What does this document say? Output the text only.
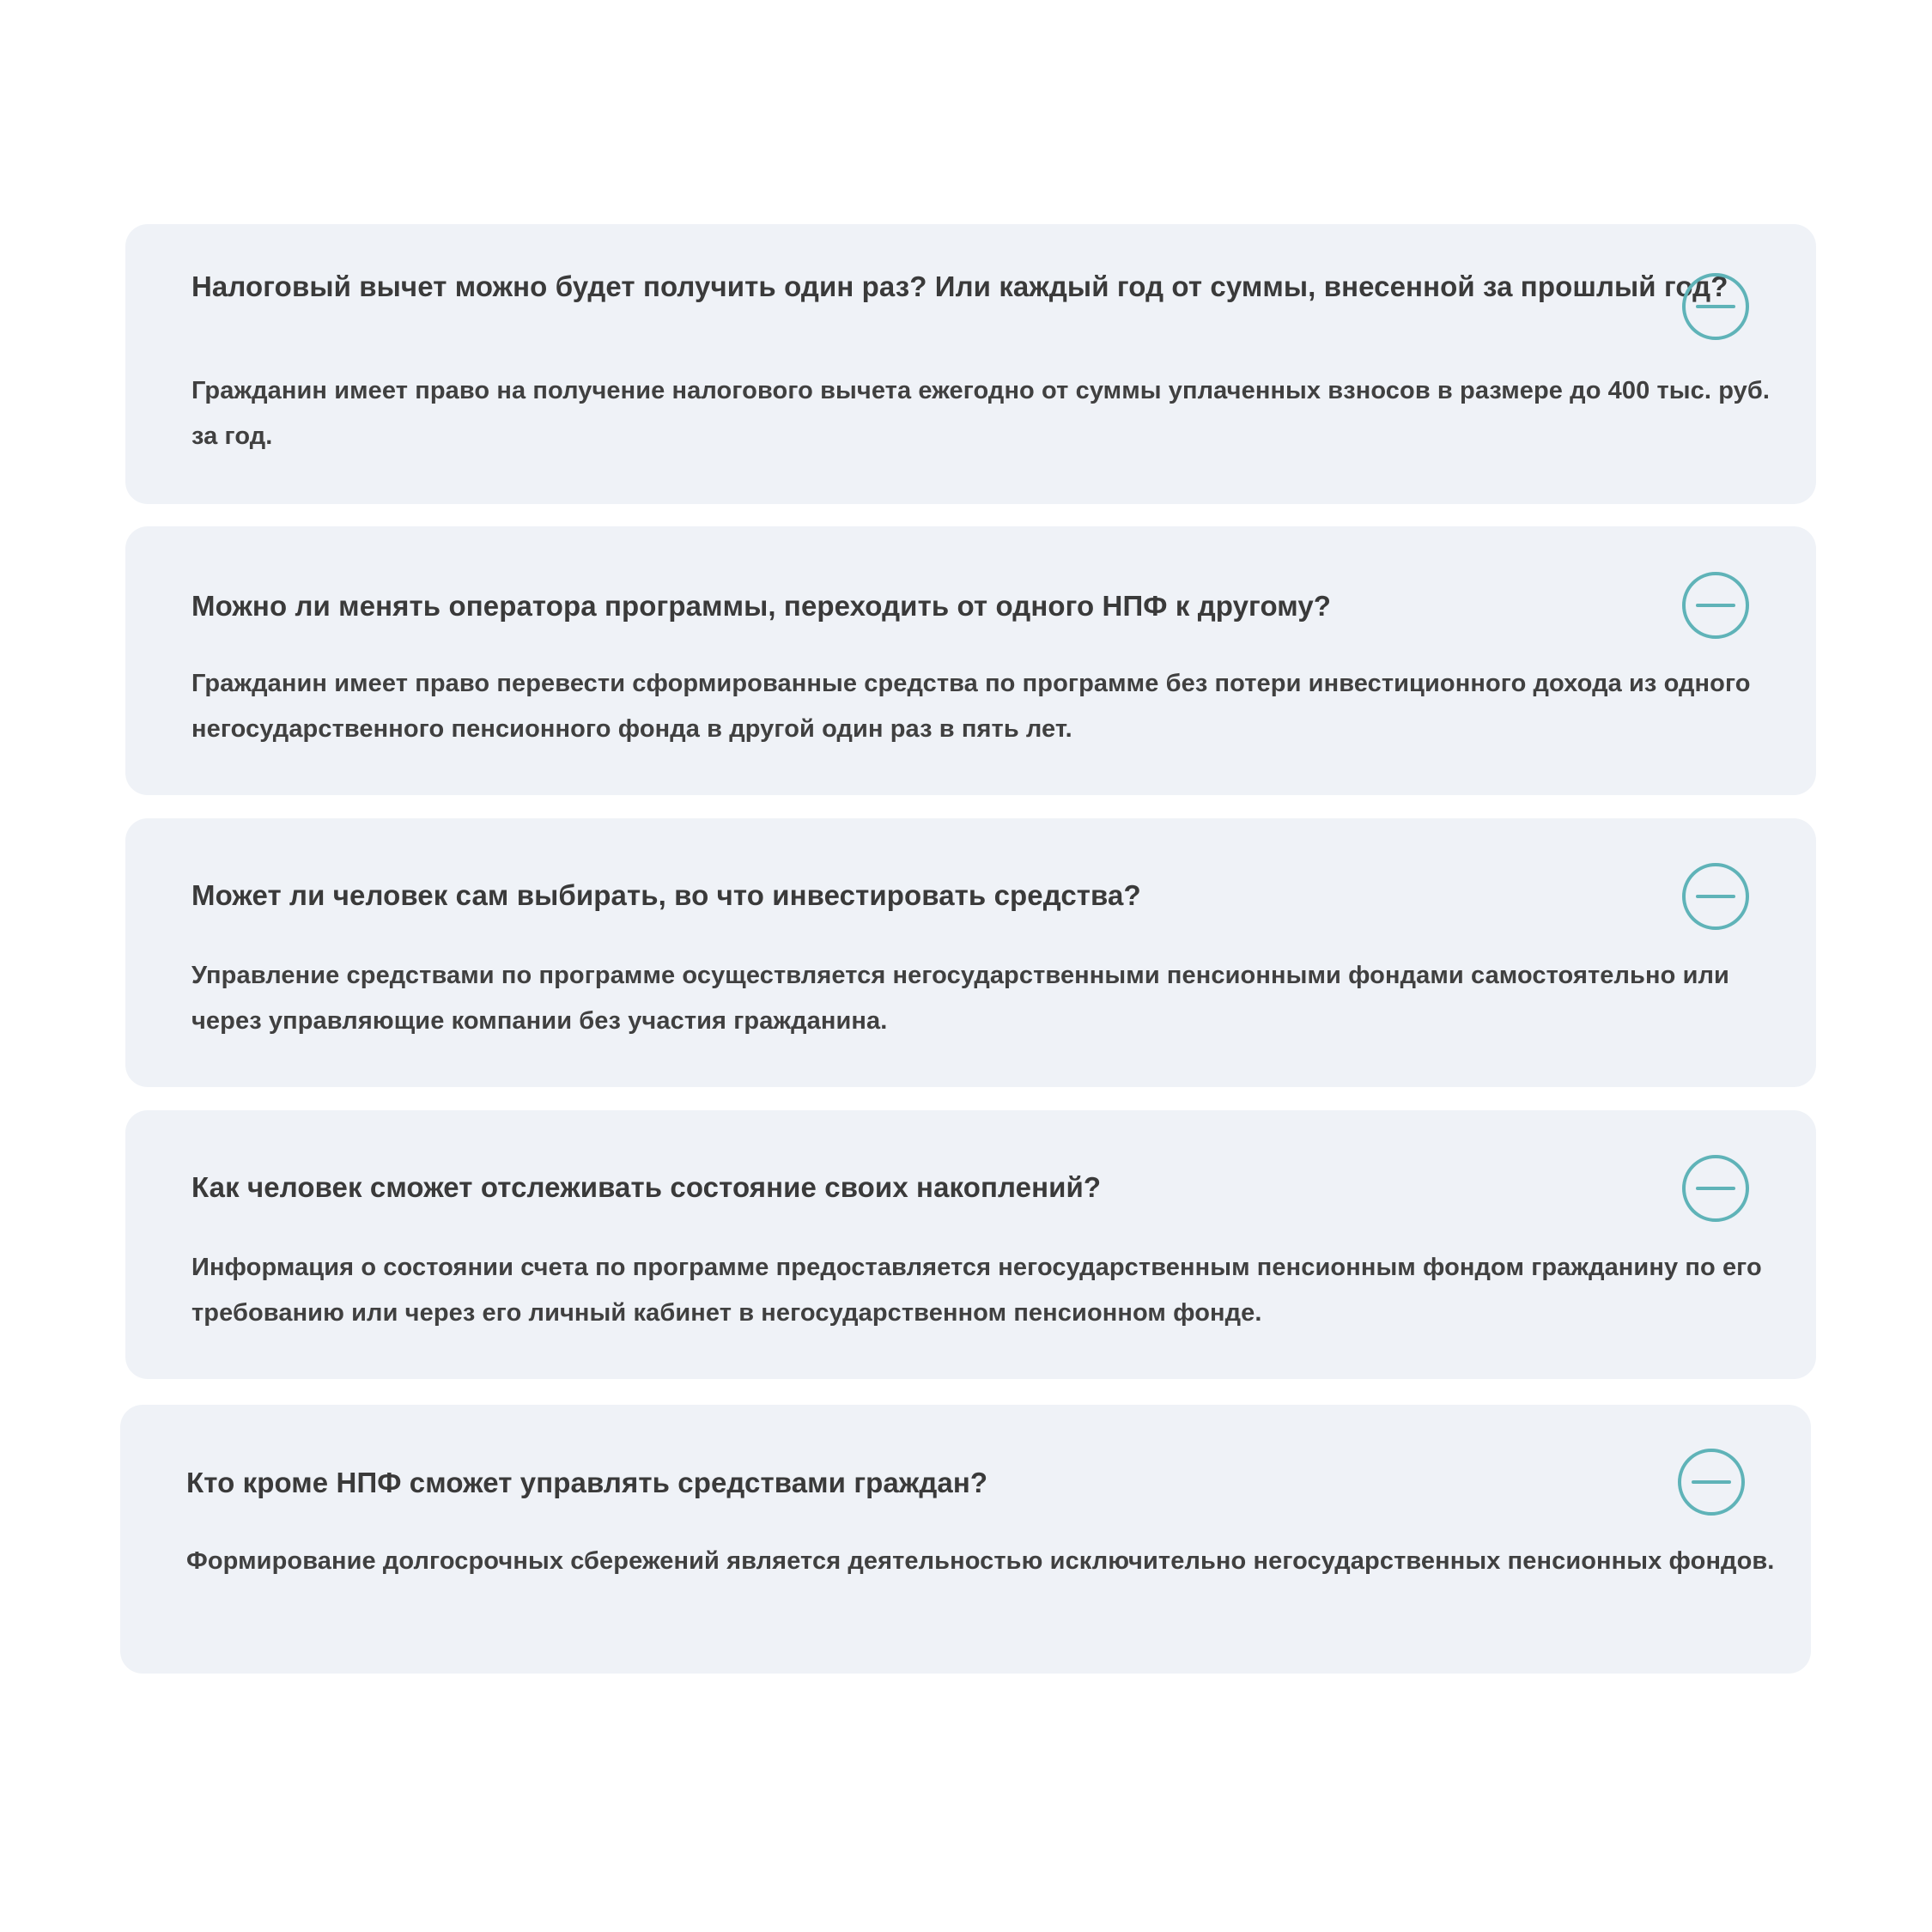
Налоговый вычет можно будет получить один раз? Или каждый год от суммы, внесенной за прошлый год?

Гражданин имеет право на получение налогового вычета ежегодно от суммы уплаченных взносов в размере до 400 тыс. руб. за год.

Можно ли менять оператора программы, переходить от одного НПФ к другому?

Гражданин имеет право перевести сформированные средства по программе без потери инвестиционного дохода из одного негосударственного пенсионного фонда в другой один раз в пять лет.

Может ли человек сам выбирать, во что инвестировать средства?

Управление средствами по программе осуществляется негосударственными пенсионными фондами самостоятельно или через управляющие компании без участия гражданина.

Как человек сможет отслеживать состояние своих накоплений?

Информация о состоянии счета по программе предоставляется негосударственным пенсионным фондом гражданину по его требованию или через его личный кабинет в негосударственном пенсионном фонде.

Кто кроме НПФ сможет управлять средствами граждан?

Формирование долгосрочных сбережений является деятельностью исключительно негосударственных пенсионных фондов.
